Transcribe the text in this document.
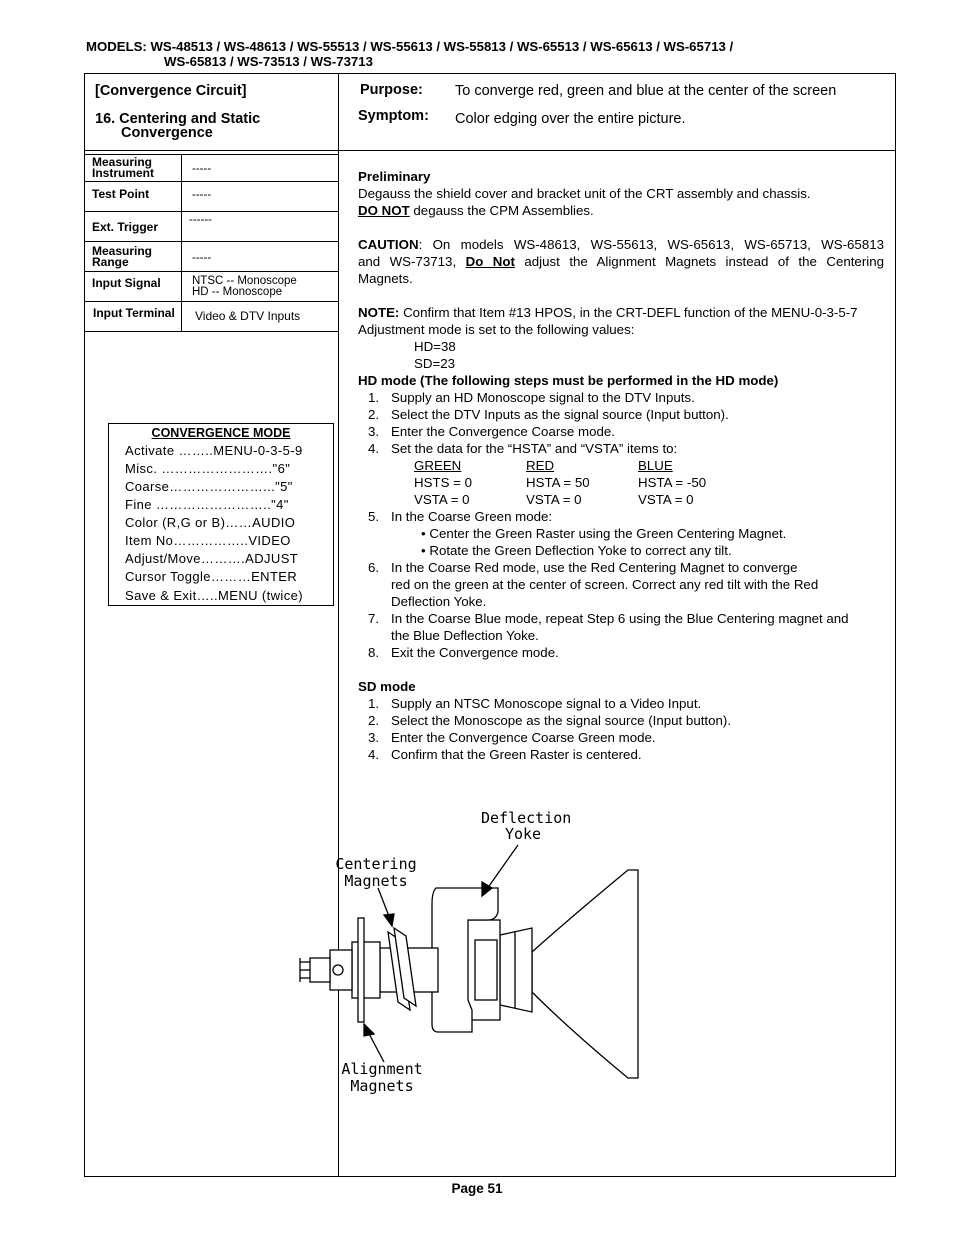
MODELS: WS-48513 / WS-48613 / WS-55513 / WS-55613 / WS-55813 / WS-65513 / WS-65613 / WS-65713 /
WS-65813 / WS-73513 / WS-73713
[Convergence Circuit]
16. Centering and Static
Convergence
Purpose: To converge red, green and blue at the center of the screen
Symptom: Color edging over the entire picture.
Measuring
Instrument	-----
Test Point	-----
Ext. Trigger	------
Measuring
Range	-----
Input Signal	NTSC -- Monoscope
HD -- Monoscope
Input Terminal Video & DTV Inputs
CONVERGENCE MODE
Activate ……..MENU-0-3-5-9
Misc. ……………………."6"
Coarse…………………..."5"
Fine …………………….."4"
Color (R,G or B)……AUDIO
Item No……………..VIDEO
Adjust/Move……….ADJUST
Cursor Toggle………ENTER
Save & Exit…..MENU (twice)
Preliminary
Degauss the shield cover and bracket unit of the CRT assembly and chassis.
DO NOT degauss the CPM Assemblies.
CAUTION: On models WS-48613, WS-55613, WS-65613, WS-65713, WS-65813
and WS-73713, Do Not adjust the Alignment Magnets instead of the Centering
Magnets.
NOTE: Confirm that Item #13 HPOS, in the CRT-DEFL function of the MENU-0-3-5-7
Adjustment mode is set to the following values:
HD=38
SD=23
HD mode (The following steps must be performed in the HD mode)
1. Supply an HD Monoscope signal to the DTV Inputs.
2. Select the DTV Inputs as the signal source (Input button).
3. Enter the Convergence Coarse mode.
4. Set the data for the “HSTA” and “VSTA” items to:
GREEN	RED	BLUE
HSTS = 0	HSTA = 50	HSTA = -50
VSTA = 0	VSTA = 0	VSTA = 0
5. In the Coarse Green mode:
• Center the Green Raster using the Green Centering Magnet.
• Rotate the Green Deflection Yoke to correct any tilt.
6. In the Coarse Red mode, use the Red Centering Magnet to converge
red on the green at the center of screen. Correct any red tilt with the Red
Deflection Yoke.
7. In the Coarse Blue mode, repeat Step 6 using the Blue Centering magnet and
the Blue Deflection Yoke.
8. Exit the Convergence mode.
SD mode
1. Supply an NTSC Monoscope signal to a Video Input.
2. Select the Monoscope as the signal source (Input button).
3. Enter the Convergence Coarse Green mode.
4. Confirm that the Green Raster is centered.
Deflection
Yoke
Centering
Magnets
Alignment
Magnets
Page 51
